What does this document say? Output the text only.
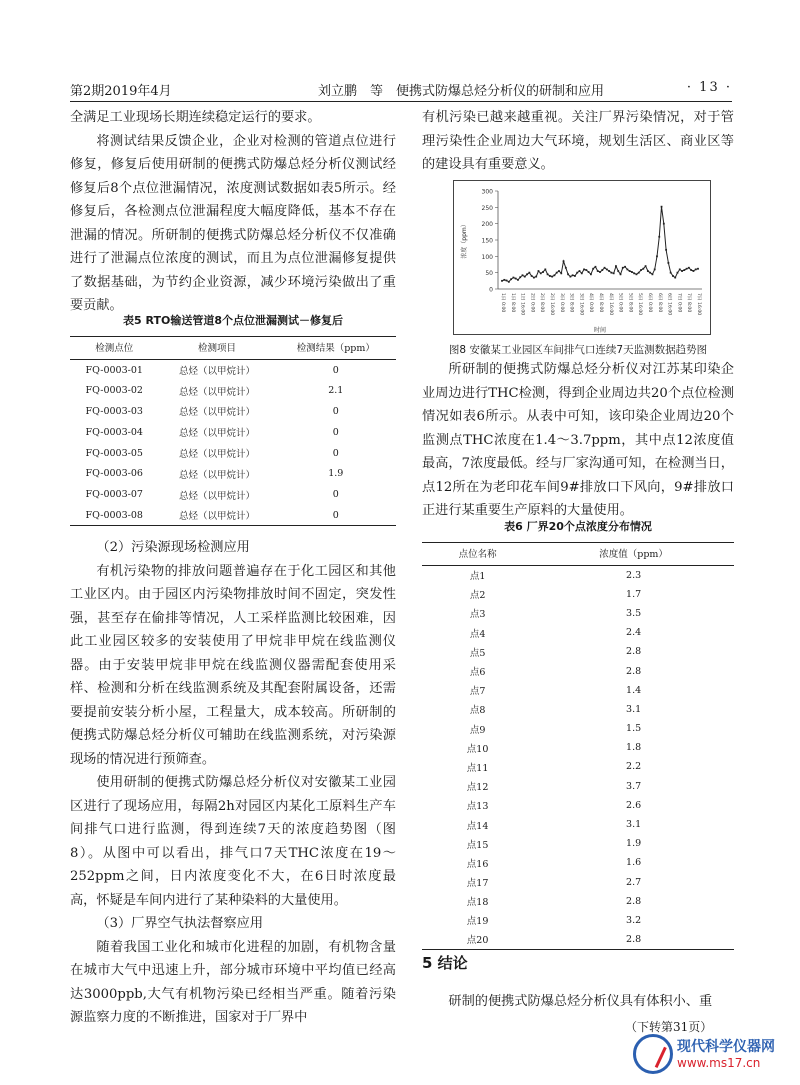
第2期2019年4月	刘立鹏　等　便携式防爆总烃分析仪的研制和应用	· 13 ·

全满足工业现场长期连续稳定运行的要求。

将测试结果反馈企业，企业对检测的管道点位进行修复，修复后使用研制的便携式防爆总烃分析仪测试经修复后8个点位泄漏情况，浓度测试数据如表5所示。经修复后，各检测点位泄漏程度大幅度降低，基本不存在泄漏的情况。所研制的便携式防爆总烃分析仪不仅准确进行了泄漏点位浓度的测试，而且为点位泄漏修复提供了数据基础，为节约企业资源，减少环境污染做出了重要贡献。

表5 RTO输送管道8个点位泄漏测试－修复后
检测点位	检测项目	检测结果（ppm）
FQ-0003-01	总烃（以甲烷计）	0
FQ-0003-02	总烃（以甲烷计）	2.1
FQ-0003-03	总烃（以甲烷计）	0
FQ-0003-04	总烃（以甲烷计）	0
FQ-0003-05	总烃（以甲烷计）	0
FQ-0003-06	总烃（以甲烷计）	1.9
FQ-0003-07	总烃（以甲烷计）	0
FQ-0003-08	总烃（以甲烷计）	0

（2）污染源现场检测应用

有机污染物的排放问题普遍存在于化工园区和其他工业区内。由于园区内污染物排放时间不固定，突发性强，甚至存在偷排等情况，人工采样监测比较困难，因此工业园区较多的安装使用了甲烷非甲烷在线监测仪器。由于安装甲烷非甲烷在线监测仪器需配套使用采样、检测和分析在线监测系统及其配套附属设备，还需要提前安装分析小屋，工程量大，成本较高。所研制的便携式防爆总烃分析仪可辅助在线监测系统，对污染源现场的情况进行预筛查。

使用研制的便携式防爆总烃分析仪对安徽某工业园区进行了现场应用，每隔2h对园区内某化工原料生产车间排气口进行监测，得到连续7天的浓度趋势图（图8）。从图中可以看出，排气口7天THC浓度在19～252ppm之间，日内浓度变化不大，在6日时浓度最高，怀疑是车间内进行了某种染料的大量使用。

（3）厂界空气执法督察应用

随着我国工业化和城市化进程的加剧，有机物含量在城市大气中迅速上升，部分城市环境中平均值已经高达3000ppb,大气有机物污染已经相当严重。随着污染源监察力度的不断推进，国家对于厂界中

有机污染已越来越重视。关注厂界污染情况，对于管理污染性企业周边大气环境，规划生活区、商业区等的建设具有重要意义。

0
50
100
150
200
250
300
浓度（ppm）
1日 0:00	1日 8:00	1日 16:00	2日 0:00	2日 8:00	2日 16:00	3日 0:00	3日 8:00	3日 16:00	4日 0:00	4日 8:00	4日 16:00	5日 0:00	5日 8:00	5日 16:00	6日 0:00	6日 8:00	6日 16:00	7日 0:00	7日 8:00	7日 16:00
时间
图8 安徽某工业园区车间排气口连续7天监测数据趋势图

所研制的便携式防爆总烃分析仪对江苏某印染企业周边进行THC检测，得到企业周边共20个点位检测情况如表6所示。从表中可知，该印染企业周边20个监测点THC浓度在1.4～3.7ppm，其中点12浓度值最高，7浓度最低。经与厂家沟通可知，在检测当日，点12所在为老印花车间9#排放口下风向，9#排放口正进行某重要生产原料的大量使用。

表6 厂界20个点浓度分布情况
点位名称	浓度值（ppm）
点1	2.3
点2	1.7
点3	3.5
点4	2.4
点5	2.8
点6	2.8
点7	1.4
点8	3.1
点9	1.5
点10	1.8
点11	2.2
点12	3.7
点13	2.6
点14	3.1
点15	1.9
点16	1.6
点17	2.7
点18	2.8
点19	3.2
点20	2.8
5 结论

研制的便携式防爆总烃分析仪具有体积小、重

（下转第31页）
现代科学仪器网
www.ms17.cn
